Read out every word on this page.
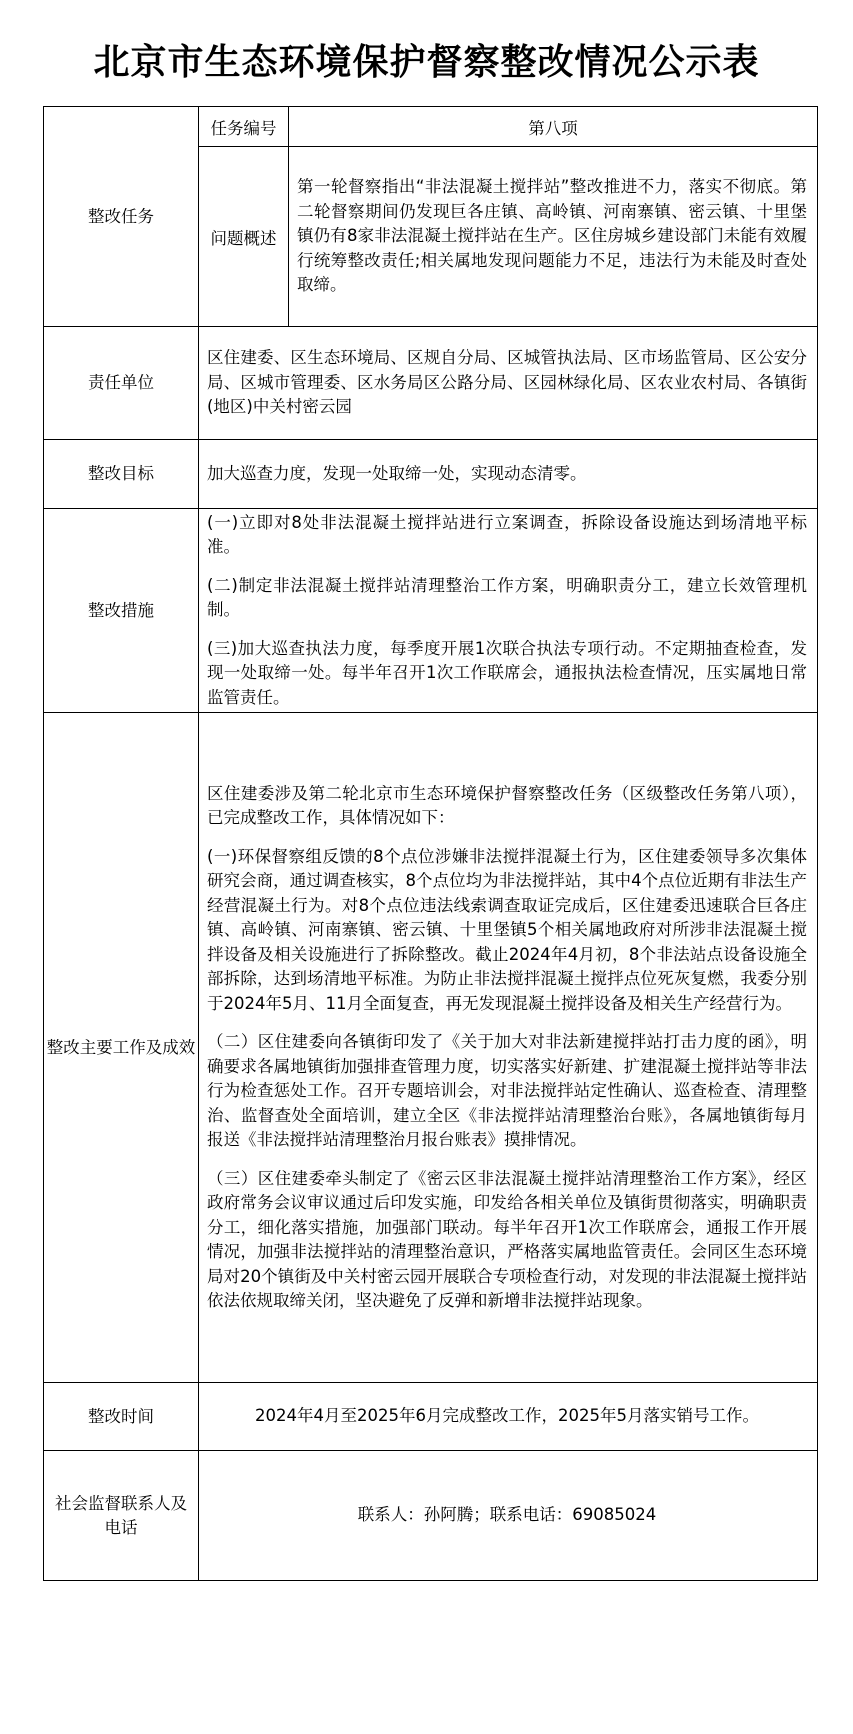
北京市生态环境保护督察整改情况公示表
整改任务	任务编号	第八项
	问题概述	第一轮督察指出“非法混凝土搅拌站”整改推进不力，落实不彻底。第二轮督察期间仍发现巨各庄镇、高岭镇、河南寨镇、密云镇、十里堡镇仍有8家非法混凝土搅拌站在生产。区住房城乡建设部门未能有效履行统筹整改责任;相关属地发现问题能力不足，违法行为未能及时查处取缔。
责任单位	区住建委、区生态环境局、区规自分局、区城管执法局、区市场监管局、区公安分局、区城市管理委、区水务局区公路分局、区园林绿化局、区农业农村局、各镇街(地区)中关村密云园	
整改目标	加大巡查力度，发现一处取缔一处，实现动态清零。	
整改措施	(一)立即对8处非法混凝土搅拌站进行立案调查，拆除设备设施达到场清地平标准。

(二)制定非法混凝土搅拌站清理整治工作方案，明确职责分工，建立长效管理机制。

(三)加大巡查执法力度，每季度开展1次联合执法专项行动。不定期抽查检查，发现一处取缔一处。每半年召开1次工作联席会，通报执法检查情况，压实属地日常监管责任。	

整改主要工作及成效	区住建委涉及第二轮北京市生态环境保护督察整改任务（区级整改任务第八项），已完成整改工作，具体情况如下：

(一)环保督察组反馈的8个点位涉嫌非法搅拌混凝土行为，区住建委领导多次集体研究会商，通过调查核实，8个点位均为非法搅拌站，其中4个点位近期有非法生产经营混凝土行为。对8个点位违法线索调查取证完成后，区住建委迅速联合巨各庄镇、高岭镇、河南寨镇、密云镇、十里堡镇5个相关属地政府对所涉非法混凝土搅拌设备及相关设施进行了拆除整改。截止2024年4月初，8个非法站点设备设施全部拆除，达到场清地平标准。为防止非法搅拌混凝土搅拌点位死灰复燃，我委分别于2024年5月、11月全面复查，再无发现混凝土搅拌设备及相关生产经营行为。

（二）区住建委向各镇街印发了《关于加大对非法新建搅拌站打击力度的函》，明确要求各属地镇街加强排查管理力度，切实落实好新建、扩建混凝土搅拌站等非法行为检查惩处工作。召开专题培训会，对非法搅拌站定性确认、巡查检查、清理整治、监督查处全面培训，建立全区《非法搅拌站清理整治台账》，各属地镇街每月报送《非法搅拌站清理整治月报台账表》摸排情况。

（三）区住建委牵头制定了《密云区非法混凝土搅拌站清理整治工作方案》，经区政府常务会议审议通过后印发实施，印发给各相关单位及镇街贯彻落实，明确职责分工，细化落实措施，加强部门联动。每半年召开1次工作联席会，通报工作开展情况，加强非法搅拌站的清理整治意识，严格落实属地监管责任。会同区生态环境局对20个镇街及中关村密云园开展联合专项检查行动，对发现的非法混凝土搅拌站依法依规取缔关闭，坚决避免了反弹和新增非法搅拌站现象。	

整改时间	2024年4月至2025年6月完成整改工作，2025年5月落实销号工作。	
社会监督联系人及电话	联系人：孙阿腾；联系电话：69085024	
